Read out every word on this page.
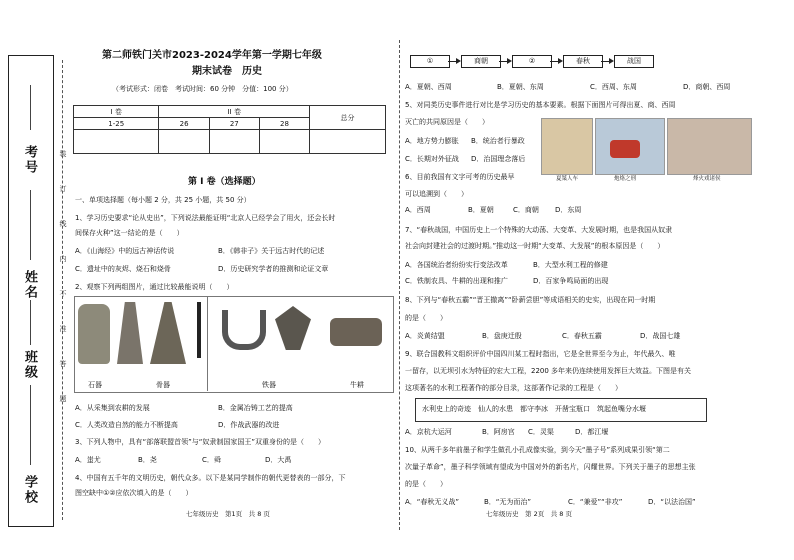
考号
姓名
班级
学校
装
订
线
内
不
准
答
题
第二师铁门关市2023-2024学年第一学期七年级
期末试卷　历史
（考试形式：闭卷　考试时间：60 分钟　分值：100 分）
I 卷	II 卷			总分
1-25	26	27	28	

第 I 卷（选择题）
一、单项选择题（每小题 2 分，共 25 小题，共 50 分）
1、学习历史要求“论从史出”，下列说法最能证明“北京人已经学会了用火，还会长时
间保存火种”这一结论的是（　　）
A．《山海经》中的远古神话传说	B．《韩非子》关于远古时代的记述
C．遗址中的灰烬、烧石和烧骨	D．历史研究学者的推测和论证文章
2、观察下列两组图片，通过比较最能说明（　　）
石器	骨器	铁器	牛耕
A．从采集到农耕的发展	B．金属冶铸工艺的提高
C．人类改造自然的能力不断提高	D．作战武器的改进
3、下列人物中，具有“部落联盟首领”与“奴隶制国家国王”双重身份的是（　　）
A．蚩尤	B．尧	C．舜	D．大禹
4、中国有五千年的文明历史，朝代众多。以下是某同学制作的朝代更替表的一部分，下
图空缺中①②应依次填入的是（　　）
七年级历史　第1页　共 8 页
①	商朝	②	春秋	战国
A．夏朝、西周	B．夏朝、东周	C．西周、东周	D．商朝、西周
5、对同类历史事件进行对比是学习历史的基本要素。根据下面图片可得出夏、商、西周
灭亡的共同原因是（　　）
A．地方势力膨胀 B．统治者行暴政
C．长期对外征战 D．治国理念落后
夏桀人车	炮烙之刑	烽火戏诸侯
6、目前我国有文字可考的历史最早
可以追溯到（　　）
A．西周	B．夏朝	C．商朝 D．东周
7、“春秋战国，中国历史上一个特殊的大动荡、大变革、大发展时期，也是我国从奴隶
社会向封建社会的过渡时期。”推动这一时期“大变革、大发展”的根本原因是（　　）
A．各国统治者纷纷实行变法改革	B．大型水利工程的修建
C．铁制农具、牛耕的出现和推广	D．百家争鸣局面的出现
8、下列与“春秋五霸”“晋王撤离”“卧薪尝胆”等成语相关的史实，出现在同一时期
的是（　　）
A．炎黄结盟	B．盘庚迁殷	C．春秋五霸	D．战国七雄
9、联合国教科文组织评价中国四川某工程时指出，它是全世界至今为止，年代最久、唯
一留存，以无坝引水为特征的宏大工程，2200 多年来仍连续使用发挥巨大效益。下图是有关
这项著名的水利工程著作的部分目录，这部著作记录的工程是（　　）
水利史上的奇迹　仙人的水患　都守李冰　开凿宝瓶口　筑起鱼嘴分水堰
A．京杭大运河	B．阿房宫 C．灵渠	D．都江堰
10、从两千多年前墨子和学生做孔小孔成像实验，到今天“墨子号”系列成果引领“第二
次量子革命”，墨子科学领域有望成为中国对外的新名片，闪耀世界。下列关于墨子的思想主张
的是（　　）
A．“春秋无义战”	B．“无为而治”	C．“兼爱”“非攻”	D．“以法治国”
七年级历史　第 2页　共 8 页
